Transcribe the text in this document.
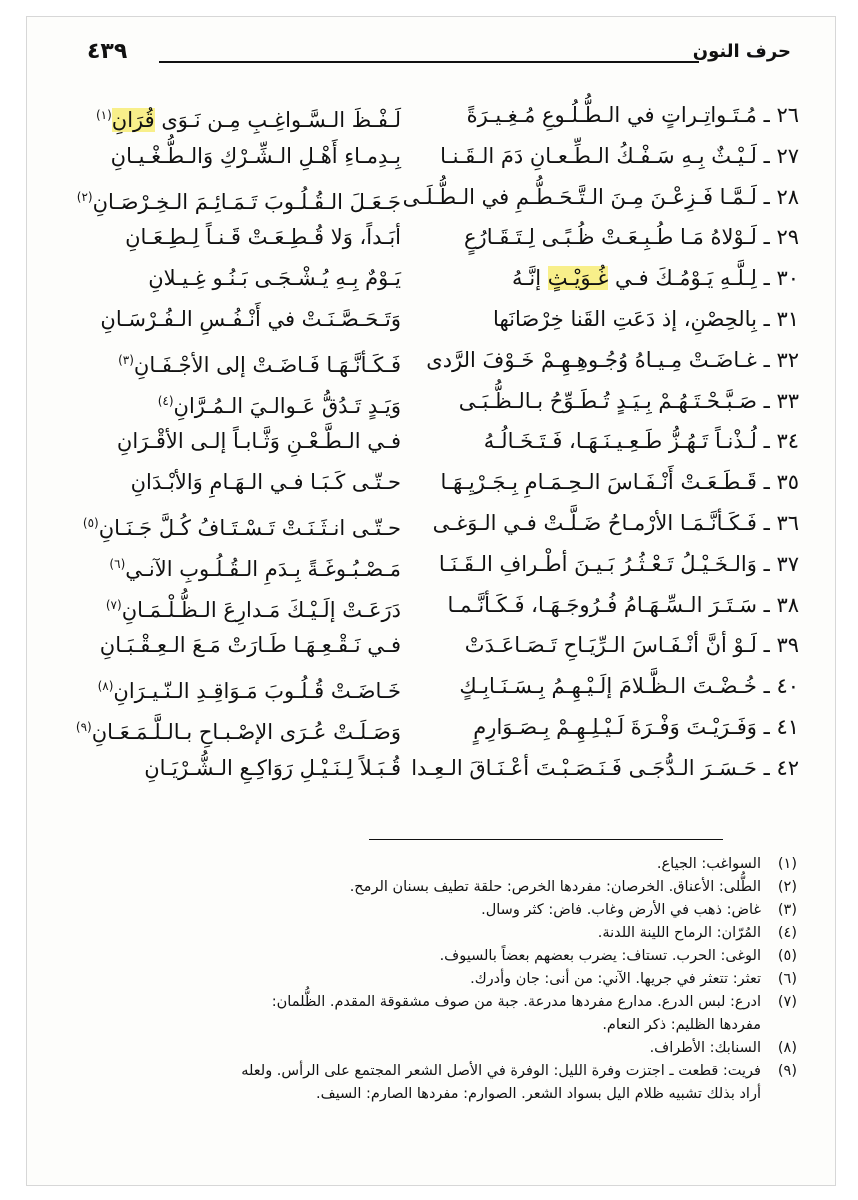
حرف النون
٤٣٩
٢٦ ـ مُـتَـواتِـراتٍ في الـطُّـلُـوعِ مُـغِـيـرَةً
لَـفْـظَ الـسَّـواغِـبِ مِـن نَـوَى قُرَانِ$^{(١)}$
٢٧ ـ لَـيْـثٌ بِـهِ سَـفْـكُ الـطِّـعـانِ دَمَ الـقَـنـا
بِـدِمـاءِ أَهْـلِ الـشِّـرْكِ وَالـطُّـغْـيـانِ
٢٨ ـ لَـمَّـا فَـزِعْـنَ مِـنَ الـتَّـحَـطُّـمِ في الـطُّـلَـى
جَـعَـلَ الـقُـلُـوبَ تَـمَـائِـمَ الـخِـرْصَـانِ$^{(٢)}$
٢٩ ـ لَـوْلاهُ مَـا طُـبِـعَـتْ ظُـبًـى لِـتَـقَـارُعٍ
أبَـداً، وَلا قُـطِـعَـتْ قَـنـاً لِـطِـعَـانِ
٣٠ ـ لِـلَّـهِ يَـوْمُـكَ فـي غُـوَيْـثٍ إنَّـهُ
يَـوْمٌ بِـهِ يُـشْـجَـى بَـنُـو غِـيـلانِ
٣١ ـ بِالحِصْنِ، إذ دَعَتِ القَنا خِرْصَانَها
وَتَـحَـصَّـنَـتْ في أَنْـفُـسِ الـفُـرْسَـانِ
٣٢ ـ غـاضَـتْ مِـيـاهُ وُجُـوهِـهِـمْ خَـوْفَ الرَّدى
فَـكَـأنَّـهَـا فَـاضَـتْ إلى الأجْـفَـانِ$^{(٣)}$
٣٣ ـ صَـبَّـحْـتَـهُـمْ بِـيَـدٍ تُـطَـوِّحُ بـالـظُّـبَـى
وَيَـدٍ تَـدُقُّ عَـوالـيَ الـمُـرَّانِ$^{(٤)}$
٣٤ ـ لُـذْنـاً تَـهُـزُّ طَـعِـيـنَـهَـا، فَـتَـخَـالُـهُ
فـي الـطَّـعْـنِ وَثَّـابـاً إلـى الأقْـرَانِ
٣٥ ـ قَـطَـعَـتْ أَنْـفَـاسَ الـحِـمَـامِ بِـجَـرْيِـهَـا
حـتّـى كَـبَـا فـي الـهَـامِ وَالأبْـدَانِ
٣٦ ـ فَـكَـأنَّـمَـا الأرْمـاحُ ضَـلَّـتْ فـي الـوَغـى
حـتّـى انـثَـنَـتْ تَـسْـتَـافُ كُـلَّ جَـنَـانِ$^{(٥)}$
٣٧ ـ وَالـخَـيْـلُ تَـعْـثُـرُ بَـيـنَ أطْـرافِ الـقَـنَـا
مَـصْـبُـوغَـةً بِـدَمِ الـقُـلُـوبِ الآنـي$^{(٦)}$
٣٨ ـ سَـتَـرَ الـسِّـهَـامُ فُـرُوجَـهَـا، فَـكَـأنَّـمـا
دَرَعَـتْ إلَـيْـكَ مَـدارِعَ الـظُّـلْـمَـانِ$^{(٧)}$
٣٩ ـ لَـوْ أنَّ أنْـفَـاسَ الـرِّيَـاحِ تَـصَـاعَـدَتْ
فـي نَـقْـعِـهَـا طَـارَتْ مَـعَ الـعِـقْـبَـانِ
٤٠ ـ خُـضْـتَ الـظَّـلامَ إلَـيْـهِـمُ بِـسَـنَـابِـكٍ
خَـاضَـتْ قُـلُـوبَ مَـوَاقِـدِ الـنّـيـرَانِ$^{(٨)}$
٤١ ـ وَفَـرَيْـتَ وَفْـرَةَ لَـيْـلِـهِـمْ بِـصَـوَارِمٍ
وَصَـلَـتْ عُـرَى الإصْـبـاحِ بـالـلَّـمَـعَـانِ$^{(٩)}$
٤٢ ـ حَـسَـرَ الـدُّجَـى فَـنَـصَـبْـتَ أعْـنَـاقَ الـعِـدا
قُـبَـلاً لِـنَـيْـلِ رَوَاكِـعِ الـشُّـرْيَـانِ
(١)
السواغب: الجياع.
(٢)
الطُّلى: الأعناق. الخرصان: مفردها الخرص: حلقة تطيف بسنان الرمح.
(٣)
غاض: ذهب في الأرض وغاب. فاض: كثر وسال.
(٤)
المُرّان: الرماح اللينة اللدنة.
(٥)
الوغى: الحرب. تستاف: يضرب بعضهم بعضاً بالسيوف.
(٦)
تعثر: تتعثر في جريها. الآني: من أنى: جان وأدرك.
(٧)
ادرع: لبس الدرع. مدارع مفردها مدرعة. جبة من صوف مشقوقة المقدم. الظُّلمان:
مفردها الظليم: ذكر النعام.
(٨)
السنابك: الأطراف.
(٩)
فريت: قطعت ـ اجتزت وفرة الليل: الوفرة في الأصل الشعر المجتمع على الرأس. ولعله
أراد بذلك تشبيه ظلام اليل بسواد الشعر. الصوارم: مفردها الصارم: السيف.
